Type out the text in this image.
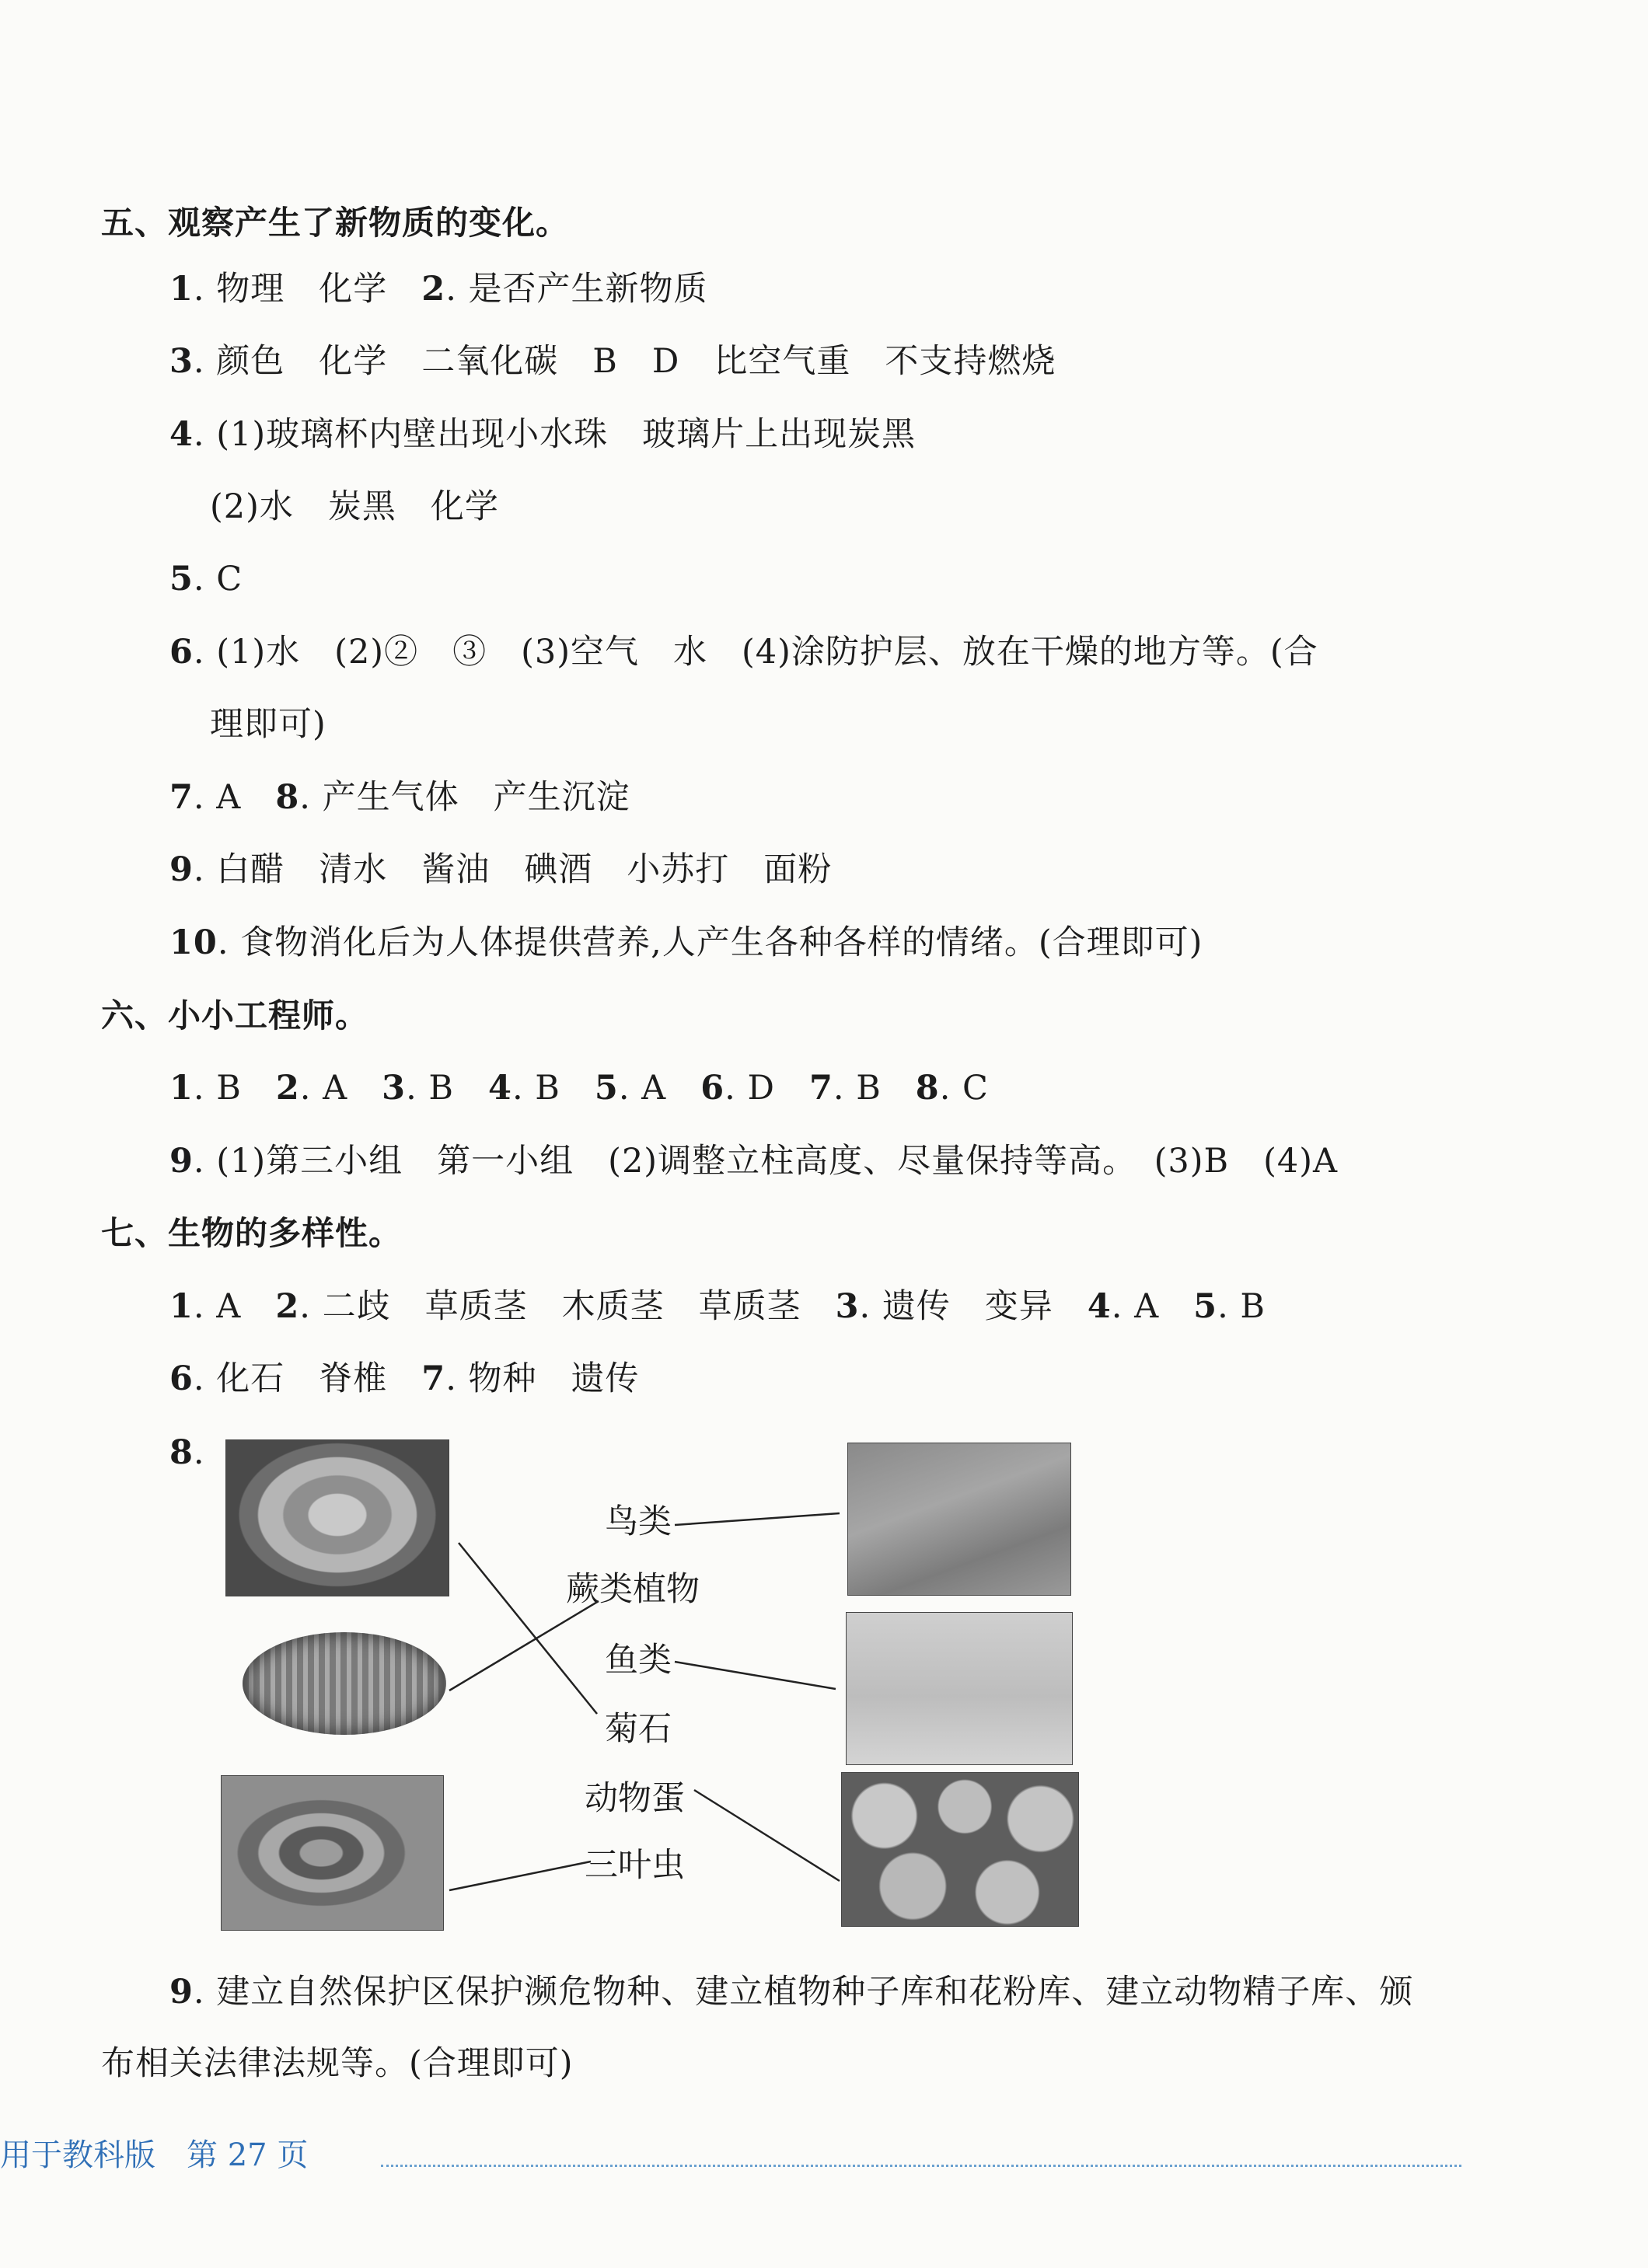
五、观察产生了新物质的变化。
1. 物理　化学　2. 是否产生新物质
3. 颜色　化学　二氧化碳　B　D　比空气重　不支持燃烧
4. (1)玻璃杯内壁出现小水珠　玻璃片上出现炭黑
(2)水　炭黑　化学
5. C
6. (1)水　(2)②　③　(3)空气　水　(4)涂防护层、放在干燥的地方等。(合
理即可)
7. A　8. 产生气体　产生沉淀
9. 白醋　清水　酱油　碘酒　小苏打　面粉
10. 食物消化后为人体提供营养,人产生各种各样的情绪。(合理即可)
六、小小工程师。
1. B　2. A　3. B　4. B　5. A　6. D　7. B　8. C
9. (1)第三小组　第一小组　(2)调整立柱高度、尽量保持等高。　(3)B　(4)A
七、生物的多样性。
1. A　2. 二歧　草质茎　木质茎　草质茎　3. 遗传　变异　4. A　5. B
6. 化石　脊椎　7. 物种　遗传
8.
鸟类
蕨类植物
鱼类
菊石
动物蛋
三叶虫
9. 建立自然保护区保护濒危物种、建立植物种子库和花粉库、建立动物精子库、颁
布相关法律法规等。(合理即可)
用于教科版　 第 27 页
